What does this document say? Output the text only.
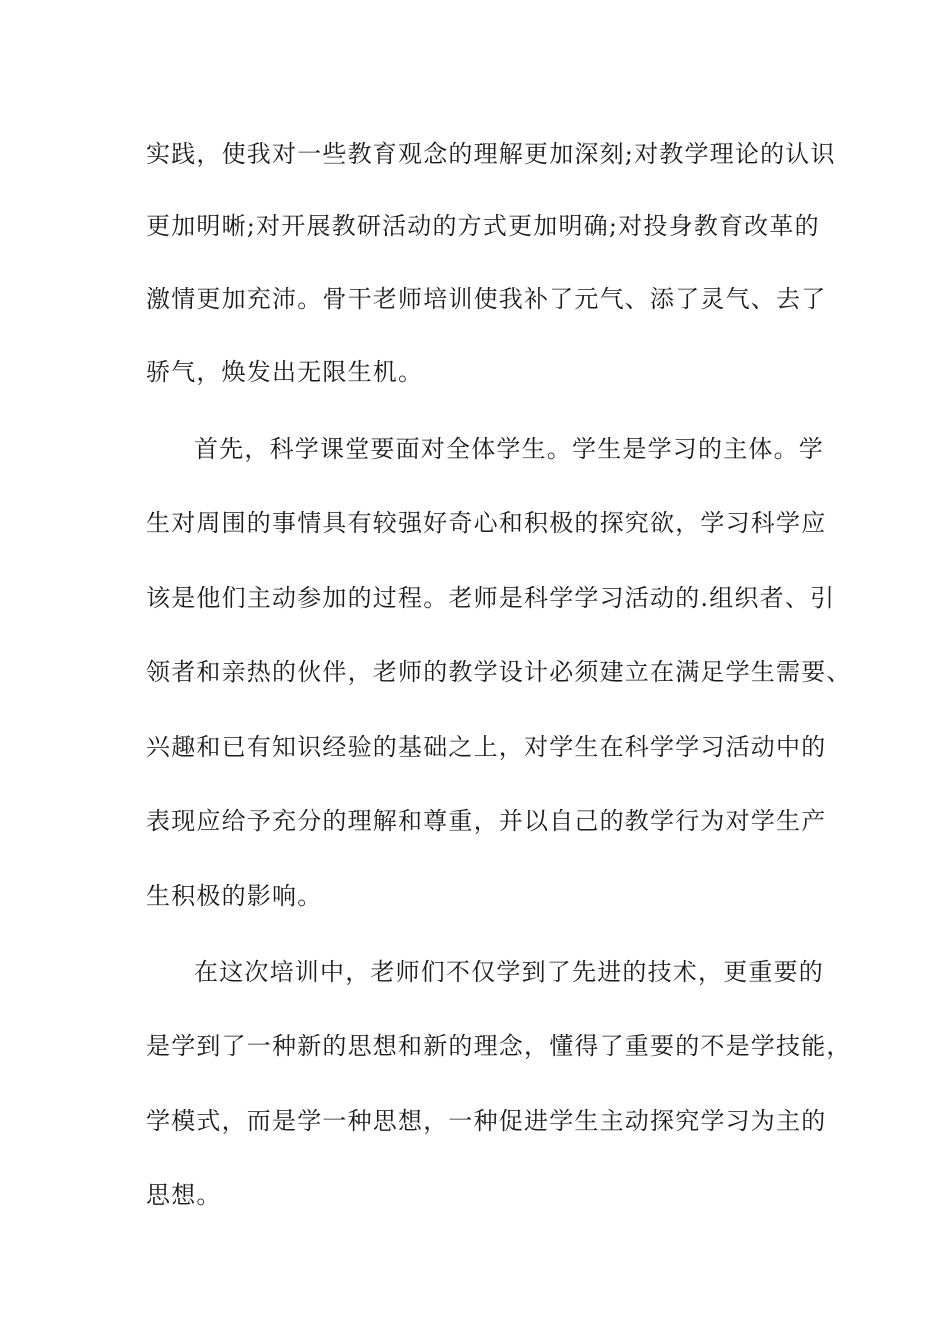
实践，使我对一些教育观念的理解更加深刻;对教学理论的认识
更加明晰;对开展教研活动的方式更加明确;对投身教育改革的
激情更加充沛。骨干老师培训使我补了元气、添了灵气、去了
骄气，焕发出无限生机。
首先，科学课堂要面对全体学生。学生是学习的主体。学
生对周围的事情具有较强好奇心和积极的探究欲，学习科学应
该是他们主动参加的过程。老师是科学学习活动的.组织者、引
领者和亲热的伙伴，老师的教学设计必须建立在满足学生需要、
兴趣和已有知识经验的基础之上，对学生在科学学习活动中的
表现应给予充分的理解和尊重，并以自己的教学行为对学生产
生积极的影响。
在这次培训中，老师们不仅学到了先进的技术，更重要的
是学到了一种新的思想和新的理念，懂得了重要的不是学技能，
学模式，而是学一种思想，一种促进学生主动探究学习为主的
思想。
